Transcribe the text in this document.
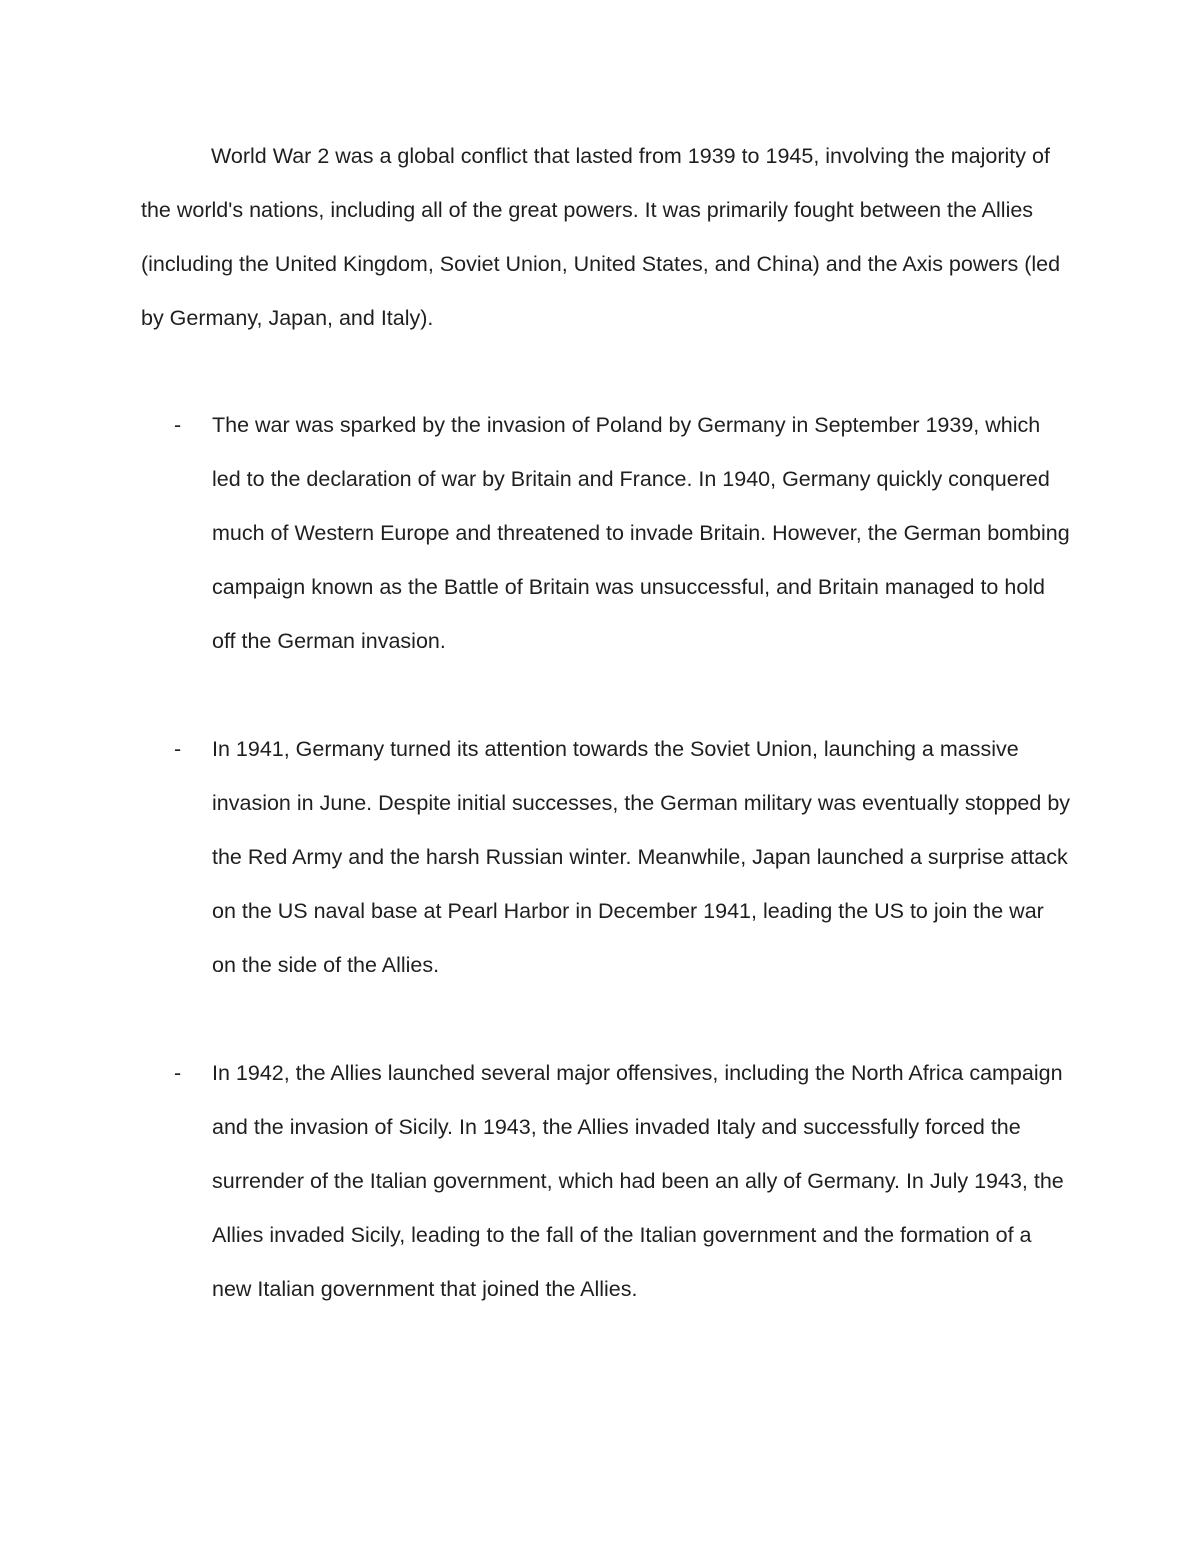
World War 2 was a global conflict that lasted from 1939 to 1945, involving the majority of the world's nations, including all of the great powers. It was primarily fought between the Allies (including the United Kingdom, Soviet Union, United States, and China) and the Axis powers (led by Germany, Japan, and Italy).

- The war was sparked by the invasion of Poland by Germany in September 1939, which led to the declaration of war by Britain and France. In 1940, Germany quickly conquered much of Western Europe and threatened to invade Britain. However, the German bombing campaign known as the Battle of Britain was unsuccessful, and Britain managed to hold off the German invasion.
- In 1941, Germany turned its attention towards the Soviet Union, launching a massive invasion in June. Despite initial successes, the German military was eventually stopped by the Red Army and the harsh Russian winter. Meanwhile, Japan launched a surprise attack on the US naval base at Pearl Harbor in December 1941, leading the US to join the war on the side of the Allies.
- In 1942, the Allies launched several major offensives, including the North Africa campaign and the invasion of Sicily. In 1943, the Allies invaded Italy and successfully forced the surrender of the Italian government, which had been an ally of Germany. In July 1943, the Allies invaded Sicily, leading to the fall of the Italian government and the formation of a new Italian government that joined the Allies.
